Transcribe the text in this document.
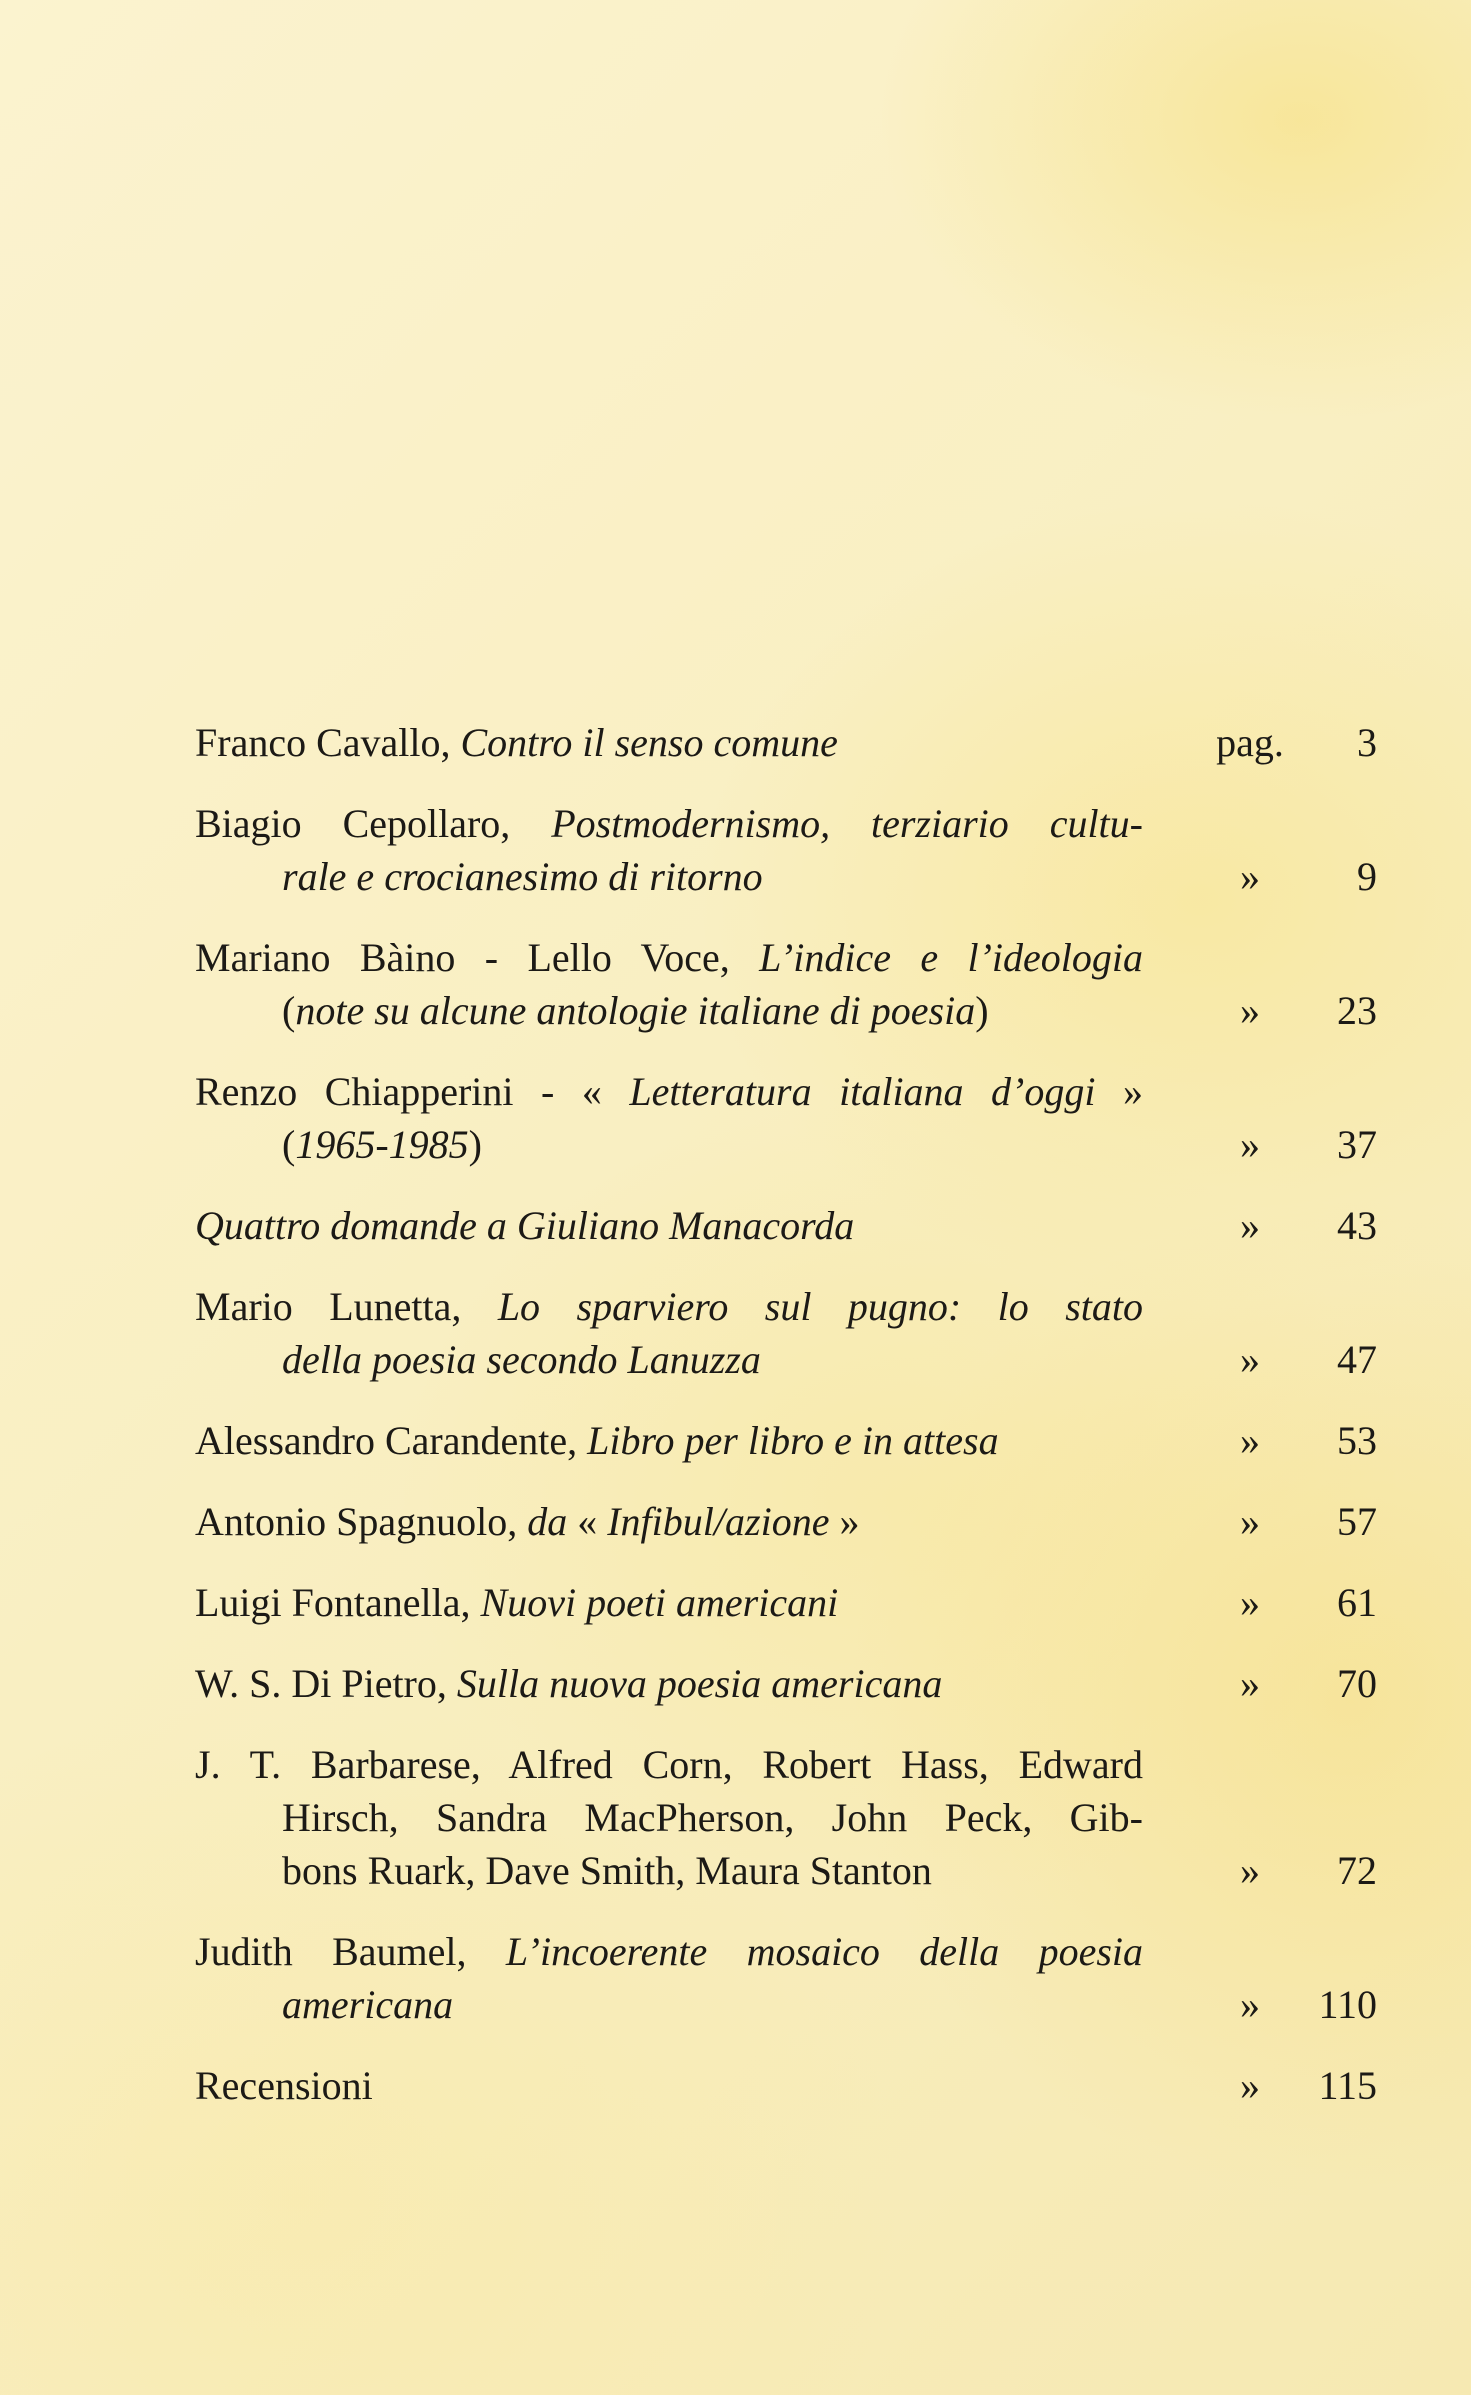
Franco Cavallo, Contro il senso comune	pag.	3
Biagio Cepollaro, Postmodernismo, terziario cultu-
rale e crocianesimo di ritorno	»	9
Mariano Bàino - Lello Voce, L’indice e l’ideologia
(note su alcune antologie italiane di poesia)	»	23
Renzo Chiapperini - « Letteratura italiana d’oggi »
(1965-1985)	»	37
Quattro domande a Giuliano Manacorda	»	43
Mario Lunetta, Lo sparviero sul pugno: lo stato
della poesia secondo Lanuzza	»	47
Alessandro Carandente, Libro per libro e in attesa	»	53
Antonio Spagnuolo, da « Infibul/azione »	»	57
Luigi Fontanella, Nuovi poeti americani	»	61
W. S. Di Pietro, Sulla nuova poesia americana	»	70
J. T. Barbarese, Alfred Corn, Robert Hass, Edward
Hirsch, Sandra MacPherson, John Peck, Gib-
bons Ruark, Dave Smith, Maura Stanton	»	72
Judith Baumel, L’incoerente mosaico della poesia
americana	»	110
Recensioni	»	115
